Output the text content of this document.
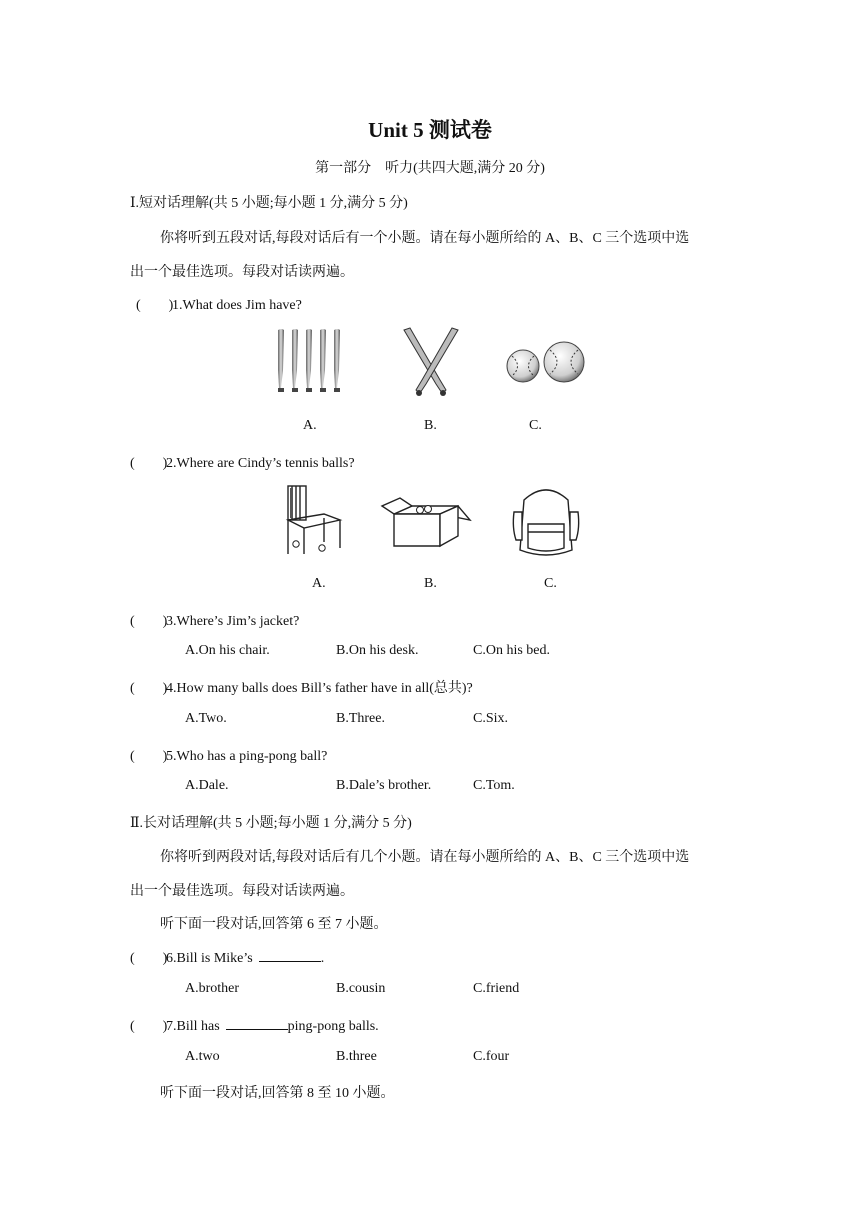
Unit 5 测试卷
第一部分　听力(共四大题,满分 20 分)
Ⅰ.短对话理解(共 5 小题;每小题 1 分,满分 5 分)
你将听到五段对话,每段对话后有一个小题。请在每小题所给的 A、B、C 三个选项中选
出一个最佳选项。每段对话读两遍。
(　　)1.What does Jim have?
A.	B.	C.
(　　)2.Where are Cindy’s tennis balls?
A.	B.	C.
(　　)3.Where’s Jim’s jacket?
A.On his chair.	B.On his desk.	C.On his bed.
(　　)4.How many balls does Bill’s father have in all(总共)?
A.Two.	B.Three.	C.Six.
(　　)5.Who has a ping-pong ball?
A.Dale.	B.Dale’s brother.	C.Tom.
Ⅱ.长对话理解(共 5 小题;每小题 1 分,满分 5 分)
你将听到两段对话,每段对话后有几个小题。请在每小题所给的 A、B、C 三个选项中选
出一个最佳选项。每段对话读两遍。
听下面一段对话,回答第 6 至 7 小题。
(　　)6.Bill is Mike’s	.
A.brother	B.cousin	C.friend
(　　)7.Bill has	ping-pong balls.
A.two	B.three	C.four
听下面一段对话,回答第 8 至 10 小题。
